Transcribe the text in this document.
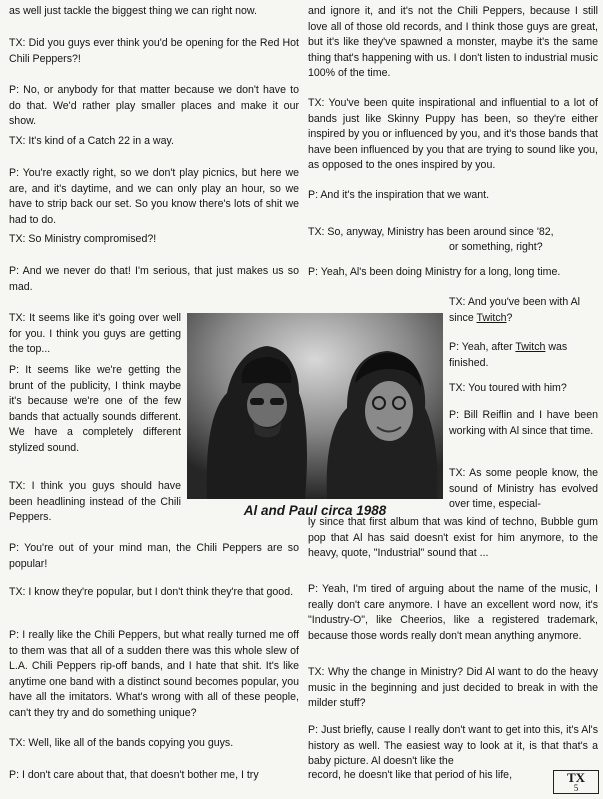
as well just tackle the biggest thing we can right now.

TX: Did you guys ever think you'd be opening for the Red Hot Chili Peppers?!

P: No, or anybody for that matter because we don't have to do that. We'd rather play smaller places and make it our show.

TX: It's kind of a Catch 22 in a way.

P: You're exactly right, so we don't play picnics, but here we are, and it's daytime, and we can only play an hour, so we have to strip back our set. So you know there's lots of shit we had to do.

TX: So Ministry compromised?!

P: And we never do that! I'm serious, that just makes us so mad.

TX: It seems like it's going over well for you. I think you guys are getting the top...

P: It seems like we're getting the brunt of the publicity, I think maybe it's because we're one of the few bands that actually sounds different. We have a completely different stylized sound.

TX: I think you guys should have been headlining instead of the Chili Peppers.

P: You're out of your mind man, the Chili Peppers are so popular!

TX: I know they're popular, but I don't think they're that good.

P: I really like the Chili Peppers, but what really turned me off to them was that all of a sudden there was this whole slew of L.A. Chili Peppers rip-off bands, and I hate that shit. It's like anytime one band with a distinct sound becomes popular, you have all the imitators. What's wrong with all of these people, can't they try and do something unique?

TX: Well, like all of the bands copying you guys.

P: I don't care about that, that doesn't bother me, I try

and ignore it, and it's not the Chili Peppers, because I still love all of those old records, and I think those guys are great, but it's like they've spawned a monster, maybe it's the same thing that's happening with us. I don't listen to industrial music 100% of the time.

TX: You've been quite inspirational and influential to a lot of bands just like Skinny Puppy has been, so they're either inspired by you or influenced by you, and it's those bands that have been influenced by you that are trying to sound like you, as opposed to the ones inspired by you.

P: And it's the inspiration that we want.

TX: So, anyway, Ministry has been around since '82,

or something, right?

P: Yeah, Al's been doing Ministry for a long, long time.

TX: And you've been with Al since Twitch?

P: Yeah, after Twitch was finished.

TX: You toured with him?

P: Bill Reiflin and I have been working with Al since that time.

TX: As some people know, the sound of Ministry has evolved over time, especial-

ly since that first album that was kind of techno, Bubble gum pop that Al has said doesn't exist for him anymore, to the heavy, quote, "Industrial" sound that ...

P: Yeah, I'm tired of arguing about the name of the music, I really don't care anymore. I have an excellent word now, it's "Industry-O", like Cheerios, like a registered trademark, because those words really don't mean anything anymore.

TX: Why the change in Ministry? Did Al want to do the heavy music in the beginning and just decided to break in with the milder stuff?

P: Just briefly, cause I really don't want to get into this, it's Al's history as well. The easiest way to look at it, is that that's a baby picture. Al doesn't like the

record, he doesn't like that period of his life,

Al and Paul circa 1988
TX
5
